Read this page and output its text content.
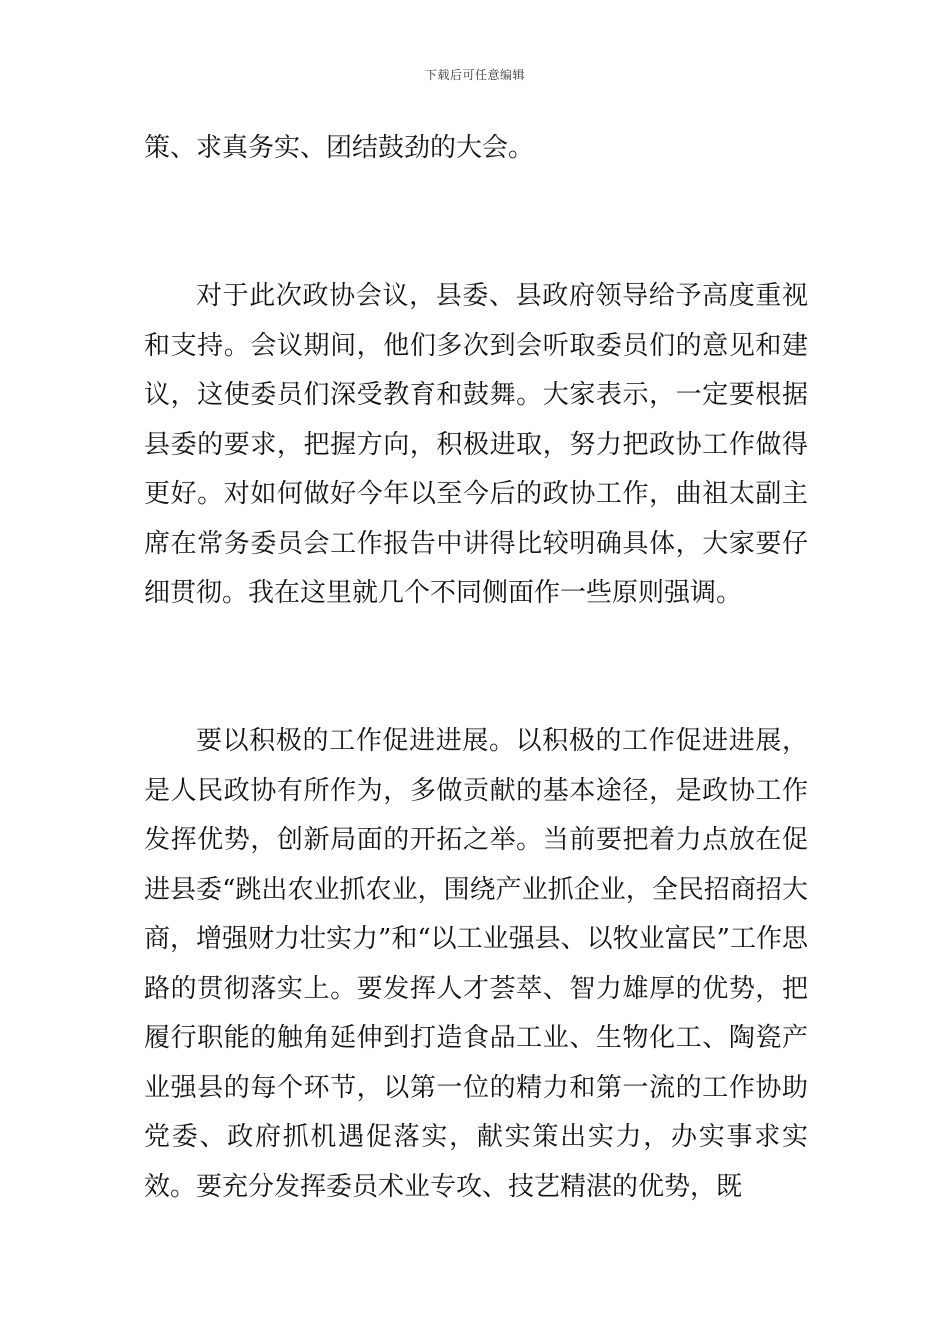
下载后可任意编辑

策、求真务实、团结鼓劲的大会。

对于此次政协会议，县委、县政府领导给予高度重视和支持。会议期间，他们多次到会听取委员们的意见和建议，这使委员们深受教育和鼓舞。大家表示，一定要根据县委的要求，把握方向，积极进取，努力把政协工作做得更好。对如何做好今年以至今后的政协工作，曲祖太副主席在常务委员会工作报告中讲得比较明确具体，大家要仔细贯彻。我在这里就几个不同侧面作一些原则强调。

要以积极的工作促进进展。以积极的工作促进进展，是人民政协有所作为，多做贡献的基本途径，是政协工作发挥优势，创新局面的开拓之举。当前要把着力点放在促进县委“跳出农业抓农业，围绕产业抓企业，全民招商招大商，增强财力壮实力”和“以工业强县、以牧业富民”工作思路的贯彻落实上。要发挥人才荟萃、智力雄厚的优势，把履行职能的触角延伸到打造食品工业、生物化工、陶瓷产业强县的每个环节，以第一位的精力和第一流的工作协助党委、政府抓机遇促落实，献实策出实力，办实事求实效。要充分发挥委员术业专攻、技艺精湛的优势，既
